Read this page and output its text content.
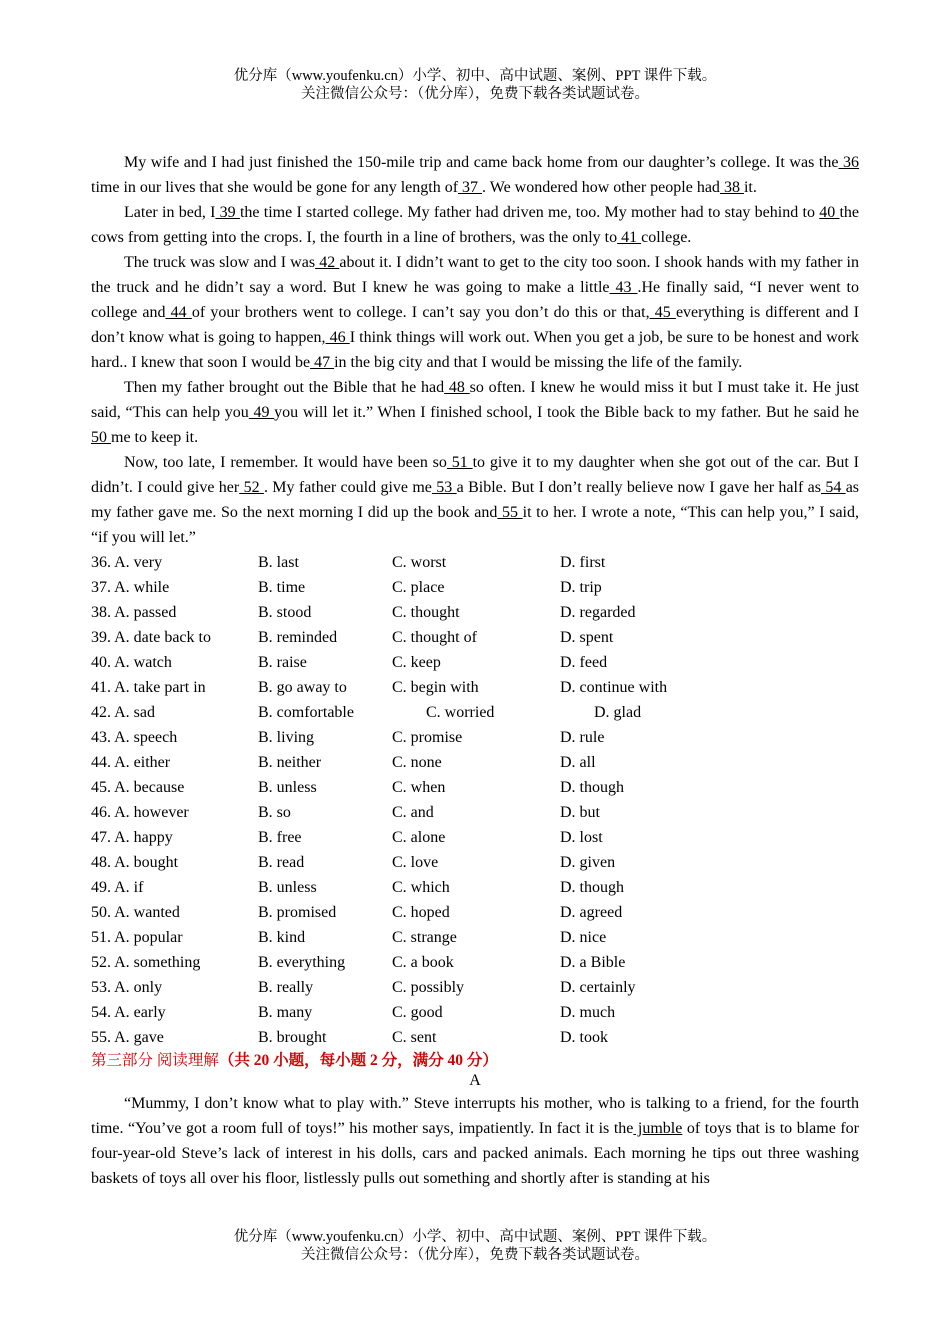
优分库（www.youfenku.cn）小学、初中、高中试题、案例、PPT 课件下载。
关注微信公众号：（优分库），免费下载各类试题试卷。

My wife and I had just finished the 150-mile trip and came back home from our daughter’s college. It was the 36 time in our lives that she would be gone for any length of 37 . We wondered how other people had 38 it.

Later in bed, I 39 the time I started college. My father had driven me, too. My mother had to stay behind to 40 the cows from getting into the crops. I, the fourth in a line of brothers, was the only to 41 college.

The truck was slow and I was 42 about it. I didn’t want to get to the city too soon. I shook hands with my father in the truck and he didn’t say a word. But I knew he was going to make a little 43 .He finally said, “I never went to college and 44 of your brothers went to college. I can’t say you don’t do this or that, 45 everything is different and I don’t know what is going to happen, 46 I think things will work out. When you get a job, be sure to be honest and work hard.. I knew that soon I would be 47 in the big city and that I would be missing the life of the family.

Then my father brought out the Bible that he had 48 so often. I knew he would miss it but I must take it. He just said, “This can help you 49 you will let it.” When I finished school, I took the Bible back to my father. But he said he 50 me to keep it.

Now, too late, I remember. It would have been so 51 to give it to my daughter when she got out of the car. But I didn’t. I could give her 52 . My father could give me 53 a Bible. But I don’t really believe now I gave her half as 54 as my father gave me. So the next morning I did up the book and 55 it to her. I wrote a note, “This can help you,” I said, “if you will let.”

36. A. very	B. last	C. worst	D. first
37. A. while	B. time	C. place	D. trip
38. A. passed	B. stood	C. thought	D. regarded
39. A. date back to	B. reminded	C. thought of	D. spent
40. A. watch	B. raise	C. keep	D. feed
41. A. take part in	B. go away to	C. begin with	D. continue with
42. A. sad	B. comfortable	C. worried	D. glad
43. A. speech	B. living	C. promise	D. rule
44. A. either	B. neither	C. none	D. all
45. A. because	B. unless	C. when	D. though
46. A. however	B. so	C. and	D. but
47. A. happy	B. free	C. alone	D. lost
48. A. bought	B. read	C. love	D. given
49. A. if	B. unless	C. which	D. though
50. A. wanted	B. promised	C. hoped	D. agreed
51. A. popular	B. kind	C. strange	D. nice
52. A. something	B. everything	C. a book	D. a Bible
53. A. only	B. really	C. possibly	D. certainly
54. A. early	B. many	C. good	D. much
55. A. gave	B. brought	C. sent	D. took
第三部分 阅读理解（共 20 小题，每小题 2 分，满分 40 分）
A

“Mummy, I don’t know what to play with.” Steve interrupts his mother, who is talking to a friend, for the fourth time. “You’ve got a room full of toys!” his mother says, impatiently. In fact it is the jumble of toys that is to blame for four-year-old Steve’s lack of interest in his dolls, cars and packed animals. Each morning he tips out three washing baskets of toys all over his floor, listlessly pulls out something and shortly after is standing at his

优分库（www.youfenku.cn）小学、初中、高中试题、案例、PPT 课件下载。
关注微信公众号：（优分库），免费下载各类试题试卷。
